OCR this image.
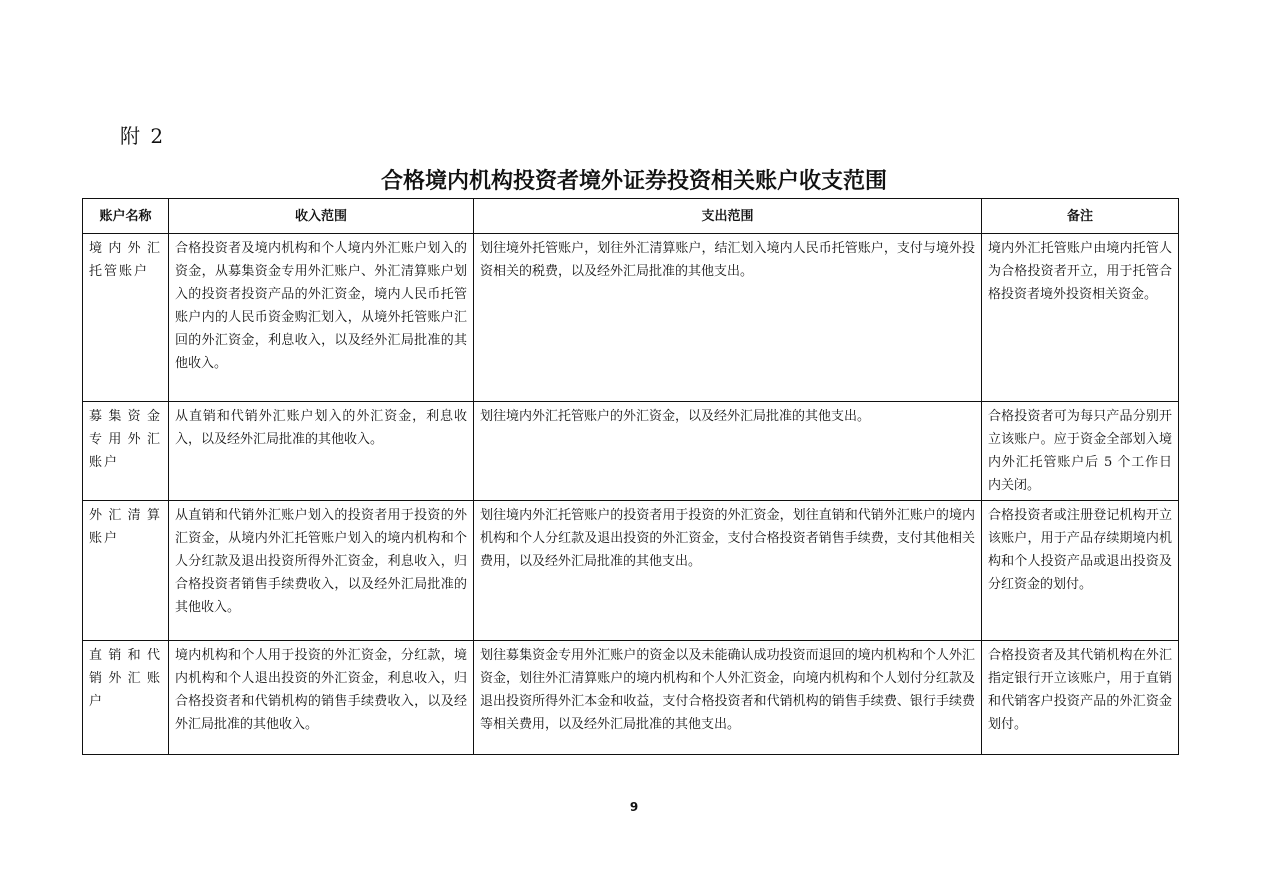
附 2
合格境内机构投资者境外证券投资相关账户收支范围
账户名称	收入范围	支出范围	备注
境内外汇托管账户	合格投资者及境内机构和个人境内外汇账户划入的资金，从募集资金专用外汇账户、外汇清算账户划入的投资者投资产品的外汇资金，境内人民币托管账户内的人民币资金购汇划入，从境外托管账户汇回的外汇资金，利息收入，以及经外汇局批准的其他收入。	划往境外托管账户，划往外汇清算账户，结汇划入境内人民币托管账户，支付与境外投资相关的税费，以及经外汇局批准的其他支出。	境内外汇托管账户由境内托管人为合格投资者开立，用于托管合格投资者境外投资相关资金。
募集资金专用外汇账户	从直销和代销外汇账户划入的外汇资金，利息收入，以及经外汇局批准的其他收入。	划往境内外汇托管账户的外汇资金，以及经外汇局批准的其他支出。	合格投资者可为每只产品分别开立该账户。应于资金全部划入境内外汇托管账户后 5 个工作日内关闭。
外汇清算账户	从直销和代销外汇账户划入的投资者用于投资的外汇资金，从境内外汇托管账户划入的境内机构和个人分红款及退出投资所得外汇资金，利息收入，归合格投资者销售手续费收入，以及经外汇局批准的其他收入。	划往境内外汇托管账户的投资者用于投资的外汇资金，划往直销和代销外汇账户的境内机构和个人分红款及退出投资的外汇资金，支付合格投资者销售手续费，支付其他相关费用，以及经外汇局批准的其他支出。	合格投资者或注册登记机构开立该账户，用于产品存续期境内机构和个人投资产品或退出投资及分红资金的划付。
直销和代销外汇账户	境内机构和个人用于投资的外汇资金，分红款，境内机构和个人退出投资的外汇资金，利息收入，归合格投资者和代销机构的销售手续费收入，以及经外汇局批准的其他收入。	划往募集资金专用外汇账户的资金以及未能确认成功投资而退回的境内机构和个人外汇资金，划往外汇清算账户的境内机构和个人外汇资金，向境内机构和个人划付分红款及退出投资所得外汇本金和收益，支付合格投资者和代销机构的销售手续费、银行手续费等相关费用，以及经外汇局批准的其他支出。	合格投资者及其代销机构在外汇指定银行开立该账户，用于直销和代销客户投资产品的外汇资金划付。
9
